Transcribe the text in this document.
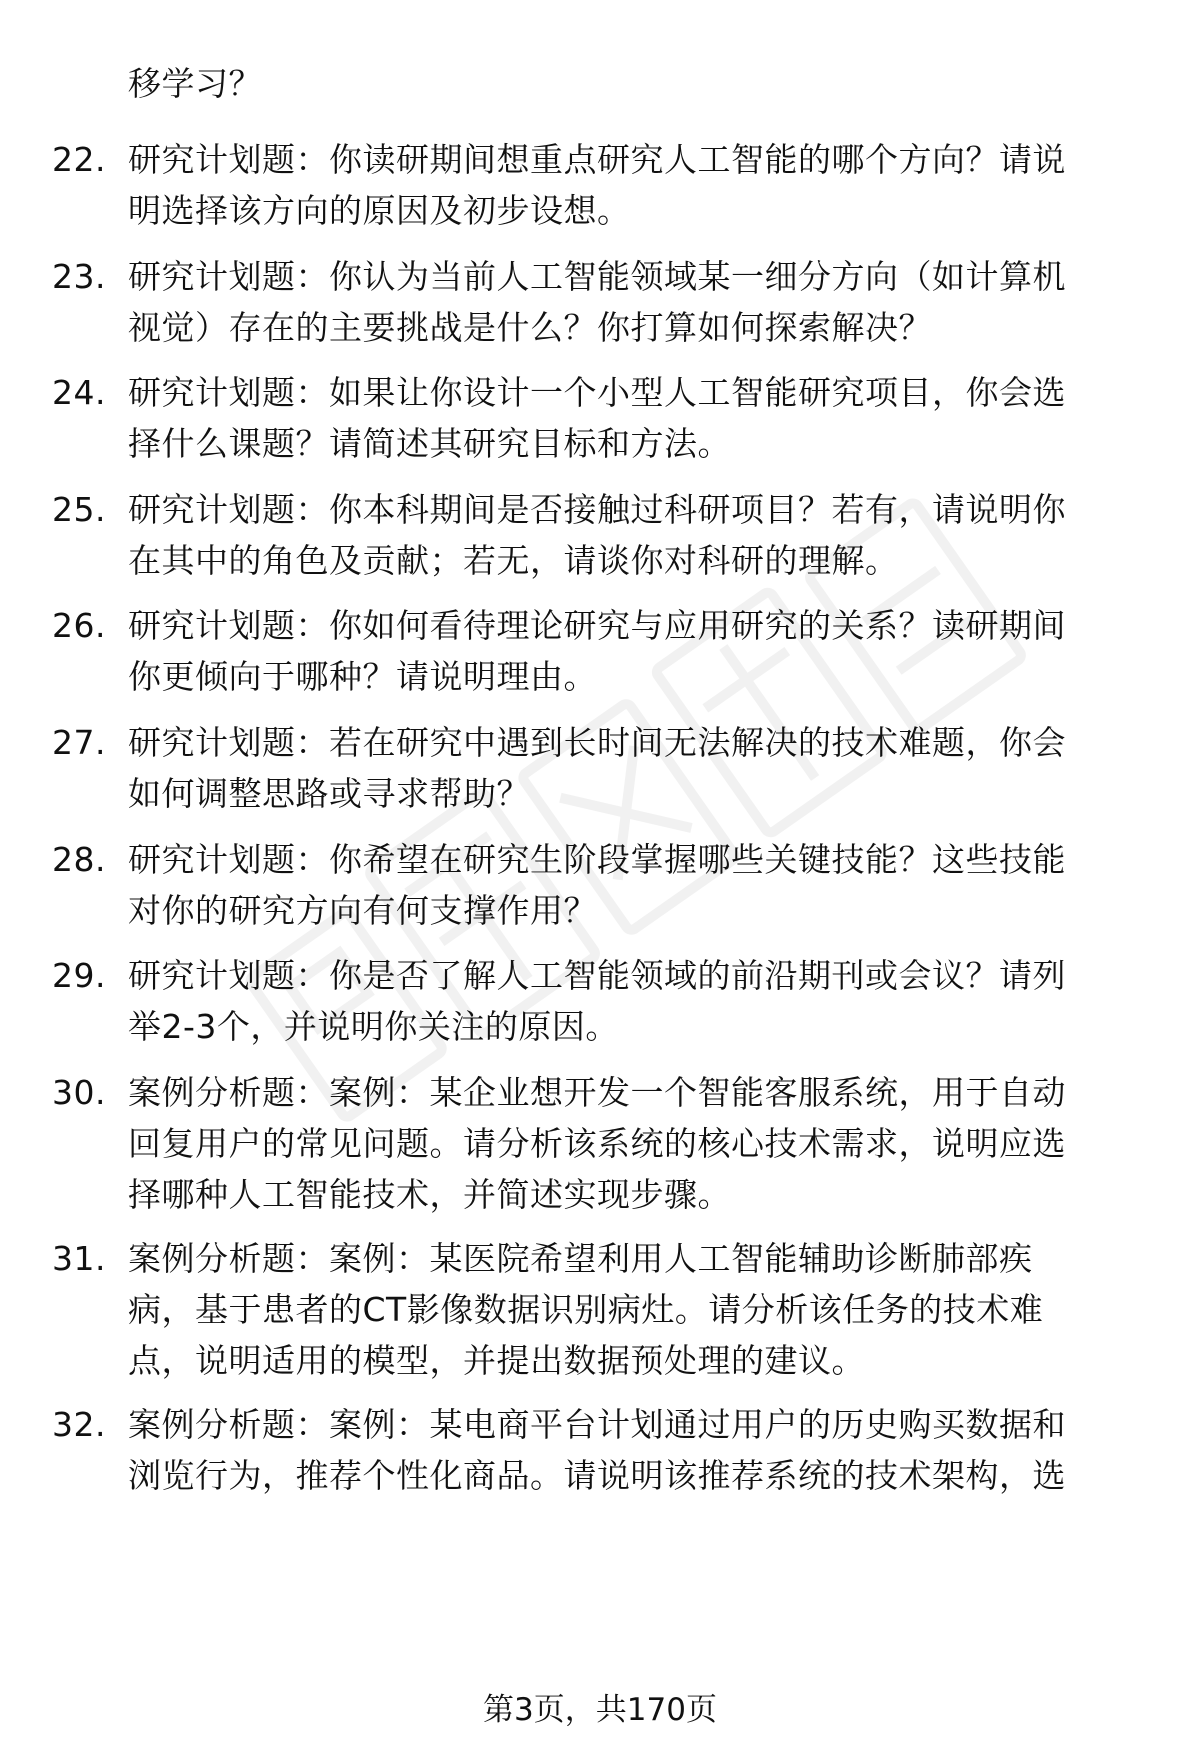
移学习？

22. 研究计划题：你读研期间想重点研究人工智能的哪个方向？请说
明选择该方向的原因及初步设想。
23. 研究计划题：你认为当前人工智能领域某一细分方向（如计算机
视觉）存在的主要挑战是什么？你打算如何探索解决？
24. 研究计划题：如果让你设计一个小型人工智能研究项目，你会选
择什么课题？请简述其研究目标和方法。
25. 研究计划题：你本科期间是否接触过科研项目？若有，请说明你
在其中的角色及贡献；若无，请谈你对科研的理解。
26. 研究计划题：你如何看待理论研究与应用研究的关系？读研期间
你更倾向于哪种？请说明理由。
27. 研究计划题：若在研究中遇到长时间无法解决的技术难题，你会
如何调整思路或寻求帮助？
28. 研究计划题：你希望在研究生阶段掌握哪些关键技能？这些技能
对你的研究方向有何支撑作用？
29. 研究计划题：你是否了解人工智能领域的前沿期刊或会议？请列
举2-3个，并说明你关注的原因。
30. 案例分析题：案例：某企业想开发一个智能客服系统，用于自动
回复用户的常见问题。请分析该系统的核心技术需求，说明应选
择哪种人工智能技术，并简述实现步骤。
31. 案例分析题：案例：某医院希望利用人工智能辅助诊断肺部疾
病，基于患者的CT影像数据识别病灶。请分析该任务的技术难
点，说明适用的模型，并提出数据预处理的建议。
32. 案例分析题：案例：某电商平台计划通过用户的历史购买数据和
浏览行为，推荐个性化商品。请说明该推荐系统的技术架构，选
第3页，共170页
